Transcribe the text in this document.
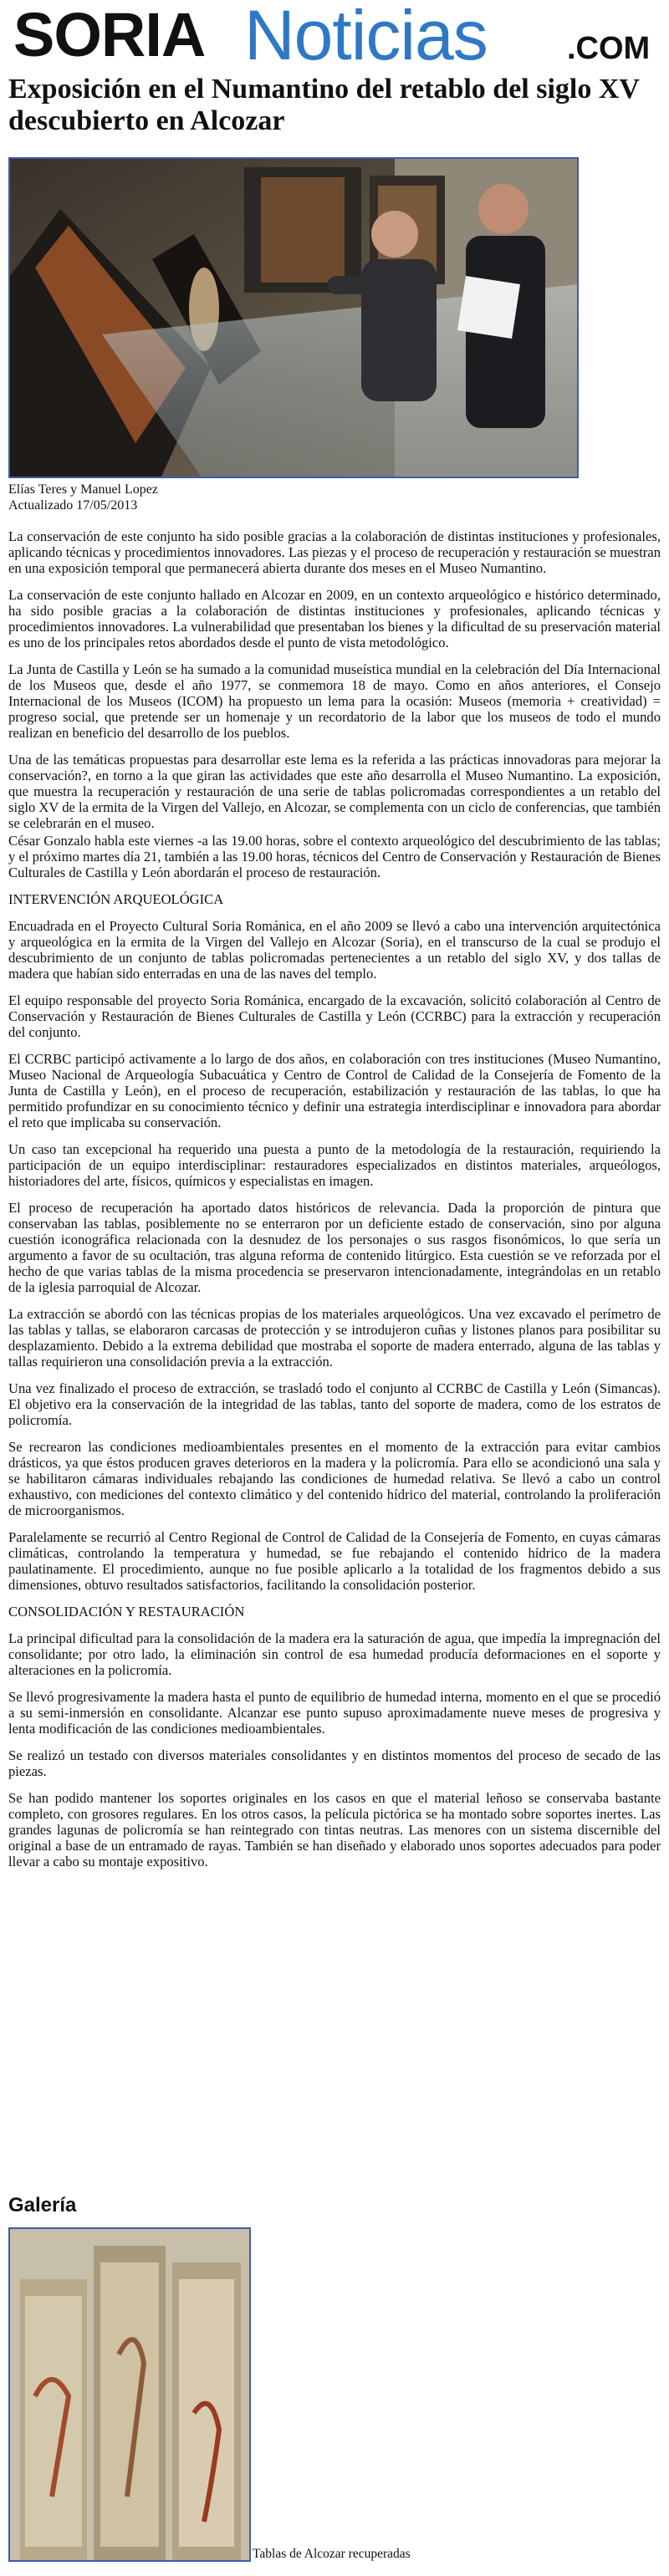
SORIA Noticias	.COM
Exposición en el Numantino del retablo del siglo XV descubierto en Alcozar
Elías Teres y Manuel Lopez
Actualizado 17/05/2013

La conservación de este conjunto ha sido posible gracias a la colaboración de distintas instituciones y profesionales, aplicando técnicas y procedimientos innovadores. Las piezas y el proceso de recuperación y restauración se muestran en una exposición temporal que permanecerá abierta durante dos meses en el Museo Numantino.

La conservación de este conjunto hallado en Alcozar en 2009, en un contexto arqueológico e histórico determinado, ha sido posible gracias a la colaboración de distintas instituciones y profesionales, aplicando técnicas y procedimientos innovadores. La vulnerabilidad que presentaban los bienes y la dificultad de su preservación material es uno de los principales retos abordados desde el punto de vista metodológico.

La Junta de Castilla y León se ha sumado a la comunidad museística mundial en la celebración del Día Internacional de los Museos que, desde el año 1977, se conmemora 18 de mayo. Como en años anteriores, el Consejo Internacional de los Museos (ICOM) ha propuesto un lema para la ocasión: Museos (memoria + creatividad) = progreso social, que pretende ser un homenaje y un recordatorio de la labor que los museos de todo el mundo realizan en beneficio del desarrollo de los pueblos.

Una de las temáticas propuestas para desarrollar este lema es la referida a las prácticas innovadoras para mejorar la conservación?, en torno a la que giran las actividades que este año desarrolla el Museo Numantino. La exposición, que muestra la recuperación y restauración de una serie de tablas policromadas correspondientes a un retablo del siglo XV de la ermita de la Virgen del Vallejo, en Alcozar, se complementa con un ciclo de conferencias, que también se celebrarán en el museo.

César Gonzalo habla este viernes -a las 19.00 horas, sobre el contexto arqueológico del descubrimiento de las tablas; y el próximo martes día 21, también a las 19.00 horas, técnicos del Centro de Conservación y Restauración de Bienes Culturales de Castilla y León abordarán el proceso de restauración.

INTERVENCIÓN ARQUEOLÓGICA

Encuadrada en el Proyecto Cultural Soria Románica, en el año 2009 se llevó a cabo una intervención arquitectónica y arqueológica en la ermita de la Virgen del Vallejo en Alcozar (Soria), en el transcurso de la cual se produjo el descubrimiento de un conjunto de tablas policromadas pertenecientes a un retablo del siglo XV, y dos tallas de madera que habían sido enterradas en una de las naves del templo.

El equipo responsable del proyecto Soria Románica, encargado de la excavación, solicitó colaboración al Centro de Conservación y Restauración de Bienes Culturales de Castilla y León (CCRBC) para la extracción y recuperación del conjunto.

El CCRBC participó activamente a lo largo de dos años, en colaboración con tres instituciones (Museo Numantino, Museo Nacional de Arqueología Subacuática y Centro de Control de Calidad de la Consejería de Fomento de la Junta de Castilla y León), en el proceso de recuperación, estabilización y restauración de las tablas, lo que ha permitido profundizar en su conocimiento técnico y definir una estrategia interdisciplinar e innovadora para abordar el reto que implicaba su conservación.

Un caso tan excepcional ha requerido una puesta a punto de la metodología de la restauración, requiriendo la participación de un equipo interdisciplinar: restauradores especializados en distintos materiales, arqueólogos, historiadores del arte, físicos, químicos y especialistas en imagen.

El proceso de recuperación ha aportado datos históricos de relevancia. Dada la proporción de pintura que conservaban las tablas, posiblemente no se enterraron por un deficiente estado de conservación, sino por alguna cuestión iconográfica relacionada con la desnudez de los personajes o sus rasgos fisonómicos, lo que sería un argumento a favor de su ocultación, tras alguna reforma de contenido litúrgico. Esta cuestión se ve reforzada por el hecho de que varias tablas de la misma procedencia se preservaron intencionadamente, integrándolas en un retablo de la iglesia parroquial de Alcozar.

La extracción se abordó con las técnicas propias de los materiales arqueológicos. Una vez excavado el perímetro de las tablas y tallas, se elaboraron carcasas de protección y se introdujeron cuñas y listones planos para posibilitar su desplazamiento. Debido a la extrema debilidad que mostraba el soporte de madera enterrado, alguna de las tablas y tallas requirieron una consolidación previa a la extracción.

Una vez finalizado el proceso de extracción, se trasladó todo el conjunto al CCRBC de Castilla y León (Simancas). El objetivo era la conservación de la integridad de las tablas, tanto del soporte de madera, como de los estratos de policromía.

Se recrearon las condiciones medioambientales presentes en el momento de la extracción para evitar cambios drásticos, ya que éstos producen graves deterioros en la madera y la policromía. Para ello se acondicionó una sala y se habilitaron cámaras individuales rebajando las condiciones de humedad relativa. Se llevó a cabo un control exhaustivo, con mediciones del contexto climático y del contenido hídrico del material, controlando la proliferación de microorganismos.

Paralelamente se recurrió al Centro Regional de Control de Calidad de la Consejería de Fomento, en cuyas cámaras climáticas, controlando la temperatura y humedad, se fue rebajando el contenido hídrico de la madera paulatinamente. El procedimiento, aunque no fue posible aplicarlo a la totalidad de los fragmentos debido a sus dimensiones, obtuvo resultados satisfactorios, facilitando la consolidación posterior.

CONSOLIDACIÓN Y RESTAURACIÓN

La principal dificultad para la consolidación de la madera era la saturación de agua, que impedía la impregnación del consolidante; por otro lado, la eliminación sin control de esa humedad producía deformaciones en el soporte y alteraciones en la policromía.

Se llevó progresivamente la madera hasta el punto de equilibrio de humedad interna, momento en el que se procedió a su semi-inmersión en consolidante. Alcanzar ese punto supuso aproximadamente nueve meses de progresiva y lenta modificación de las condiciones medioambientales.

Se realizó un testado con diversos materiales consolidantes y en distintos momentos del proceso de secado de las piezas.

Se han podido mantener los soportes originales en los casos en que el material leñoso se conservaba bastante completo, con grosores regulares. En los otros casos, la película pictórica se ha montado sobre soportes inertes. Las grandes lagunas de policromía se han reintegrado con tintas neutras. Las menores con un sistema discernible del original a base de un entramado de rayas. También se han diseñado y elaborado unos soportes adecuados para poder llevar a cabo su montaje expositivo.

Galería
Tablas de Alcozar recuperadas
